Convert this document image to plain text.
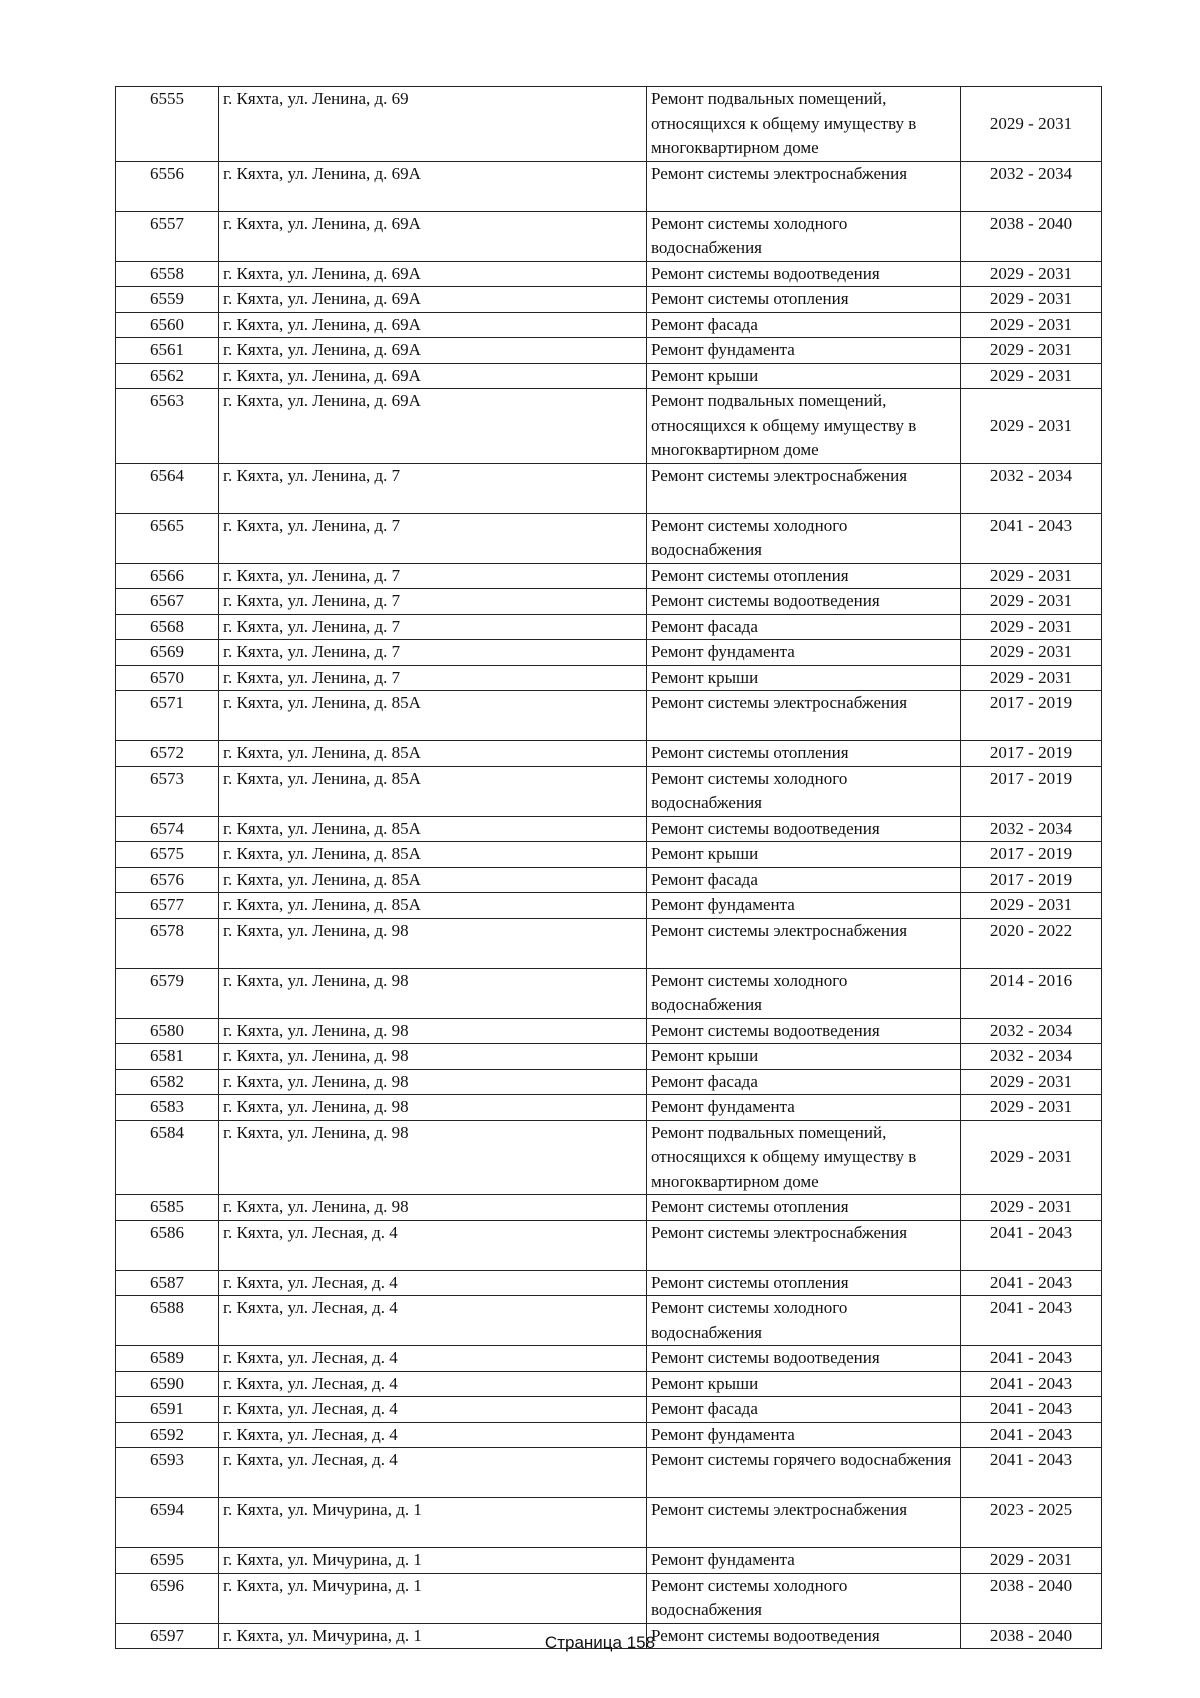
6555	г. Кяхта, ул. Ленина, д. 69	Ремонт подвальных помещений, относящихся к общему имуществу в многоквартирном доме	2029 - 2031
6556	г. Кяхта, ул. Ленина, д. 69А	Ремонт системы электроснабжения	2032 - 2034
6557	г. Кяхта, ул. Ленина, д. 69А	Ремонт системы холодного водоснабжения	2038 - 2040
6558	г. Кяхта, ул. Ленина, д. 69А	Ремонт системы водоотведения	2029 - 2031
6559	г. Кяхта, ул. Ленина, д. 69А	Ремонт системы отопления	2029 - 2031
6560	г. Кяхта, ул. Ленина, д. 69А	Ремонт фасада	2029 - 2031
6561	г. Кяхта, ул. Ленина, д. 69А	Ремонт фундамента	2029 - 2031
6562	г. Кяхта, ул. Ленина, д. 69А	Ремонт крыши	2029 - 2031
6563	г. Кяхта, ул. Ленина, д. 69А	Ремонт подвальных помещений, относящихся к общему имуществу в многоквартирном доме	2029 - 2031
6564	г. Кяхта, ул. Ленина, д. 7	Ремонт системы электроснабжения	2032 - 2034
6565	г. Кяхта, ул. Ленина, д. 7	Ремонт системы холодного водоснабжения	2041 - 2043
6566	г. Кяхта, ул. Ленина, д. 7	Ремонт системы отопления	2029 - 2031
6567	г. Кяхта, ул. Ленина, д. 7	Ремонт системы водоотведения	2029 - 2031
6568	г. Кяхта, ул. Ленина, д. 7	Ремонт фасада	2029 - 2031
6569	г. Кяхта, ул. Ленина, д. 7	Ремонт фундамента	2029 - 2031
6570	г. Кяхта, ул. Ленина, д. 7	Ремонт крыши	2029 - 2031
6571	г. Кяхта, ул. Ленина, д. 85А	Ремонт системы электроснабжения	2017 - 2019
6572	г. Кяхта, ул. Ленина, д. 85А	Ремонт системы отопления	2017 - 2019
6573	г. Кяхта, ул. Ленина, д. 85А	Ремонт системы холодного водоснабжения	2017 - 2019
6574	г. Кяхта, ул. Ленина, д. 85А	Ремонт системы водоотведения	2032 - 2034
6575	г. Кяхта, ул. Ленина, д. 85А	Ремонт крыши	2017 - 2019
6576	г. Кяхта, ул. Ленина, д. 85А	Ремонт фасада	2017 - 2019
6577	г. Кяхта, ул. Ленина, д. 85А	Ремонт фундамента	2029 - 2031
6578	г. Кяхта, ул. Ленина, д. 98	Ремонт системы электроснабжения	2020 - 2022
6579	г. Кяхта, ул. Ленина, д. 98	Ремонт системы холодного водоснабжения	2014 - 2016
6580	г. Кяхта, ул. Ленина, д. 98	Ремонт системы водоотведения	2032 - 2034
6581	г. Кяхта, ул. Ленина, д. 98	Ремонт крыши	2032 - 2034
6582	г. Кяхта, ул. Ленина, д. 98	Ремонт фасада	2029 - 2031
6583	г. Кяхта, ул. Ленина, д. 98	Ремонт фундамента	2029 - 2031
6584	г. Кяхта, ул. Ленина, д. 98	Ремонт подвальных помещений, относящихся к общему имуществу в многоквартирном доме	2029 - 2031
6585	г. Кяхта, ул. Ленина, д. 98	Ремонт системы отопления	2029 - 2031
6586	г. Кяхта, ул. Лесная, д. 4	Ремонт системы электроснабжения	2041 - 2043
6587	г. Кяхта, ул. Лесная, д. 4	Ремонт системы отопления	2041 - 2043
6588	г. Кяхта, ул. Лесная, д. 4	Ремонт системы холодного водоснабжения	2041 - 2043
6589	г. Кяхта, ул. Лесная, д. 4	Ремонт системы водоотведения	2041 - 2043
6590	г. Кяхта, ул. Лесная, д. 4	Ремонт крыши	2041 - 2043
6591	г. Кяхта, ул. Лесная, д. 4	Ремонт фасада	2041 - 2043
6592	г. Кяхта, ул. Лесная, д. 4	Ремонт фундамента	2041 - 2043
6593	г. Кяхта, ул. Лесная, д. 4	Ремонт системы горячего водоснабжения	2041 - 2043
6594	г. Кяхта, ул. Мичурина, д. 1	Ремонт системы электроснабжения	2023 - 2025
6595	г. Кяхта, ул. Мичурина, д. 1	Ремонт фундамента	2029 - 2031
6596	г. Кяхта, ул. Мичурина, д. 1	Ремонт системы холодного водоснабжения	2038 - 2040
6597	г. Кяхта, ул. Мичурина, д. 1	Ремонт системы водоотведения	2038 - 2040
Страница 158
